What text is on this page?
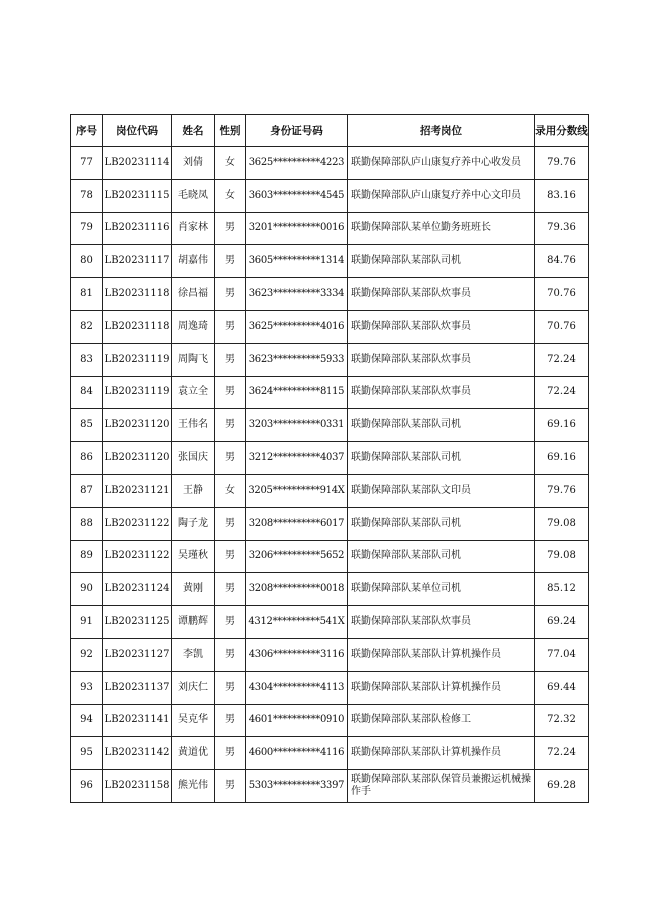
序号	岗位代码	姓名	性别	身份证号码	招考岗位	录用分数线
77	LB20231114	刘倩	女	3625**********4223	联勤保障部队庐山康复疗养中心收发员	79.76
78	LB20231115	毛晓凤	女	3603**********4545	联勤保障部队庐山康复疗养中心文印员	83.16
79	LB20231116	肖家林	男	3201**********0016	联勤保障部队某单位勤务班班长	79.36
80	LB20231117	胡嘉伟	男	3605**********1314	联勤保障部队某部队司机	84.76
81	LB20231118	徐昌福	男	3623**********3334	联勤保障部队某部队炊事员	70.76
82	LB20231118	周逸琦	男	3625**********4016	联勤保障部队某部队炊事员	70.76
83	LB20231119	周陶飞	男	3623**********5933	联勤保障部队某部队炊事员	72.24
84	LB20231119	袁立全	男	3624**********8115	联勤保障部队某部队炊事员	72.24
85	LB20231120	王伟名	男	3203**********0331	联勤保障部队某部队司机	69.16
86	LB20231120	张国庆	男	3212**********4037	联勤保障部队某部队司机	69.16
87	LB20231121	王静	女	3205**********914X	联勤保障部队某部队文印员	79.76
88	LB20231122	陶子龙	男	3208**********6017	联勤保障部队某部队司机	79.08
89	LB20231122	吴瑾秋	男	3206**********5652	联勤保障部队某部队司机	79.08
90	LB20231124	黄刚	男	3208**********0018	联勤保障部队某单位司机	85.12
91	LB20231125	谭鹏辉	男	4312**********541X	联勤保障部队某部队炊事员	69.24
92	LB20231127	李凯	男	4306**********3116	联勤保障部队某部队计算机操作员	77.04
93	LB20231137	刘庆仁	男	4304**********4113	联勤保障部队某部队计算机操作员	69.44
94	LB20231141	吴克华	男	4601**********0910	联勤保障部队某部队检修工	72.32
95	LB20231142	黄道优	男	4600**********4116	联勤保障部队某部队计算机操作员	72.24
96	LB20231158	熊光伟	男	5303**********3397	联勤保障部队某部队保管员兼搬运机械操作手	69.28
